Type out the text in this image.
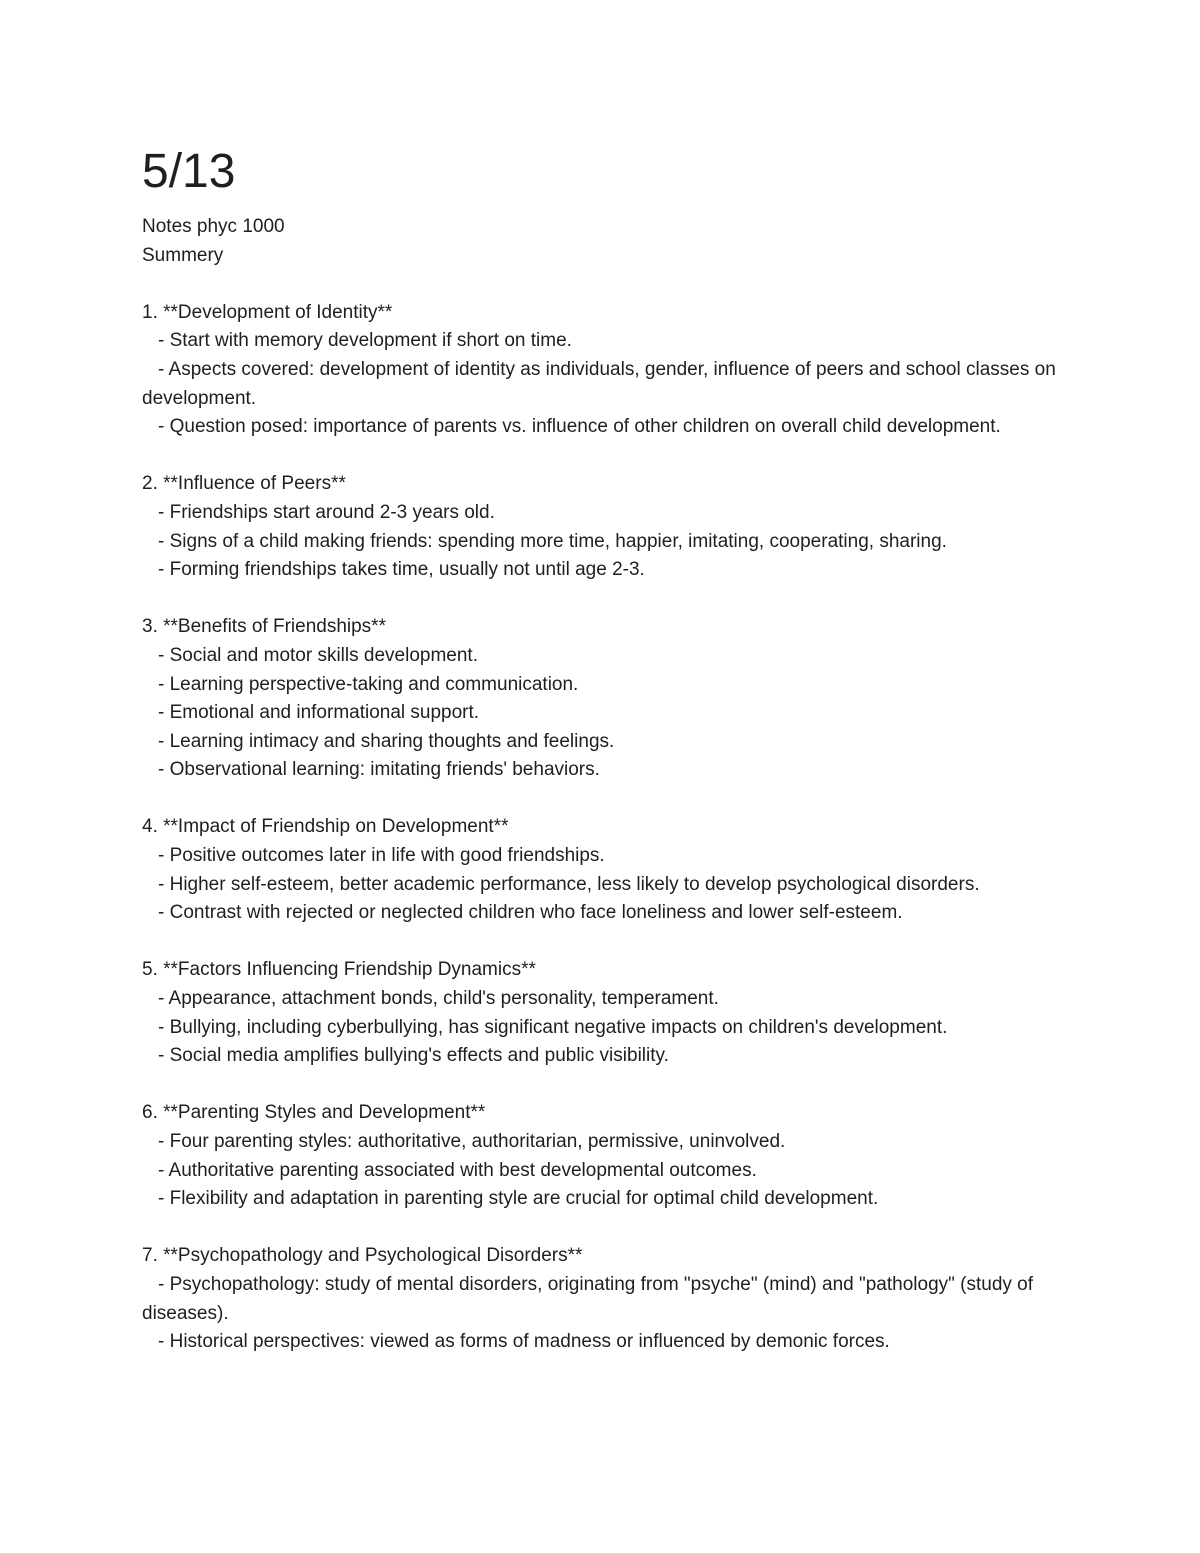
5/13

Notes phyc 1000

Summery

1. **Development of Identity**

- Start with memory development if short on time.

- Aspects covered: development of identity as individuals, gender, influence of peers and school classes on development.

- Question posed: importance of parents vs. influence of other children on overall child development.

2. **Influence of Peers**

- Friendships start around 2-3 years old.

- Signs of a child making friends: spending more time, happier, imitating, cooperating, sharing.

- Forming friendships takes time, usually not until age 2-3.

3. **Benefits of Friendships**

- Social and motor skills development.

- Learning perspective-taking and communication.

- Emotional and informational support.

- Learning intimacy and sharing thoughts and feelings.

- Observational learning: imitating friends' behaviors.

4. **Impact of Friendship on Development**

- Positive outcomes later in life with good friendships.

- Higher self-esteem, better academic performance, less likely to develop psychological disorders.

- Contrast with rejected or neglected children who face loneliness and lower self-esteem.

5. **Factors Influencing Friendship Dynamics**

- Appearance, attachment bonds, child's personality, temperament.

- Bullying, including cyberbullying, has significant negative impacts on children's development.

- Social media amplifies bullying's effects and public visibility.

6. **Parenting Styles and Development**

- Four parenting styles: authoritative, authoritarian, permissive, uninvolved.

- Authoritative parenting associated with best developmental outcomes.

- Flexibility and adaptation in parenting style are crucial for optimal child development.

7. **Psychopathology and Psychological Disorders**

- Psychopathology: study of mental disorders, originating from "psyche" (mind) and "pathology" (study of diseases).

- Historical perspectives: viewed as forms of madness or influenced by demonic forces.
